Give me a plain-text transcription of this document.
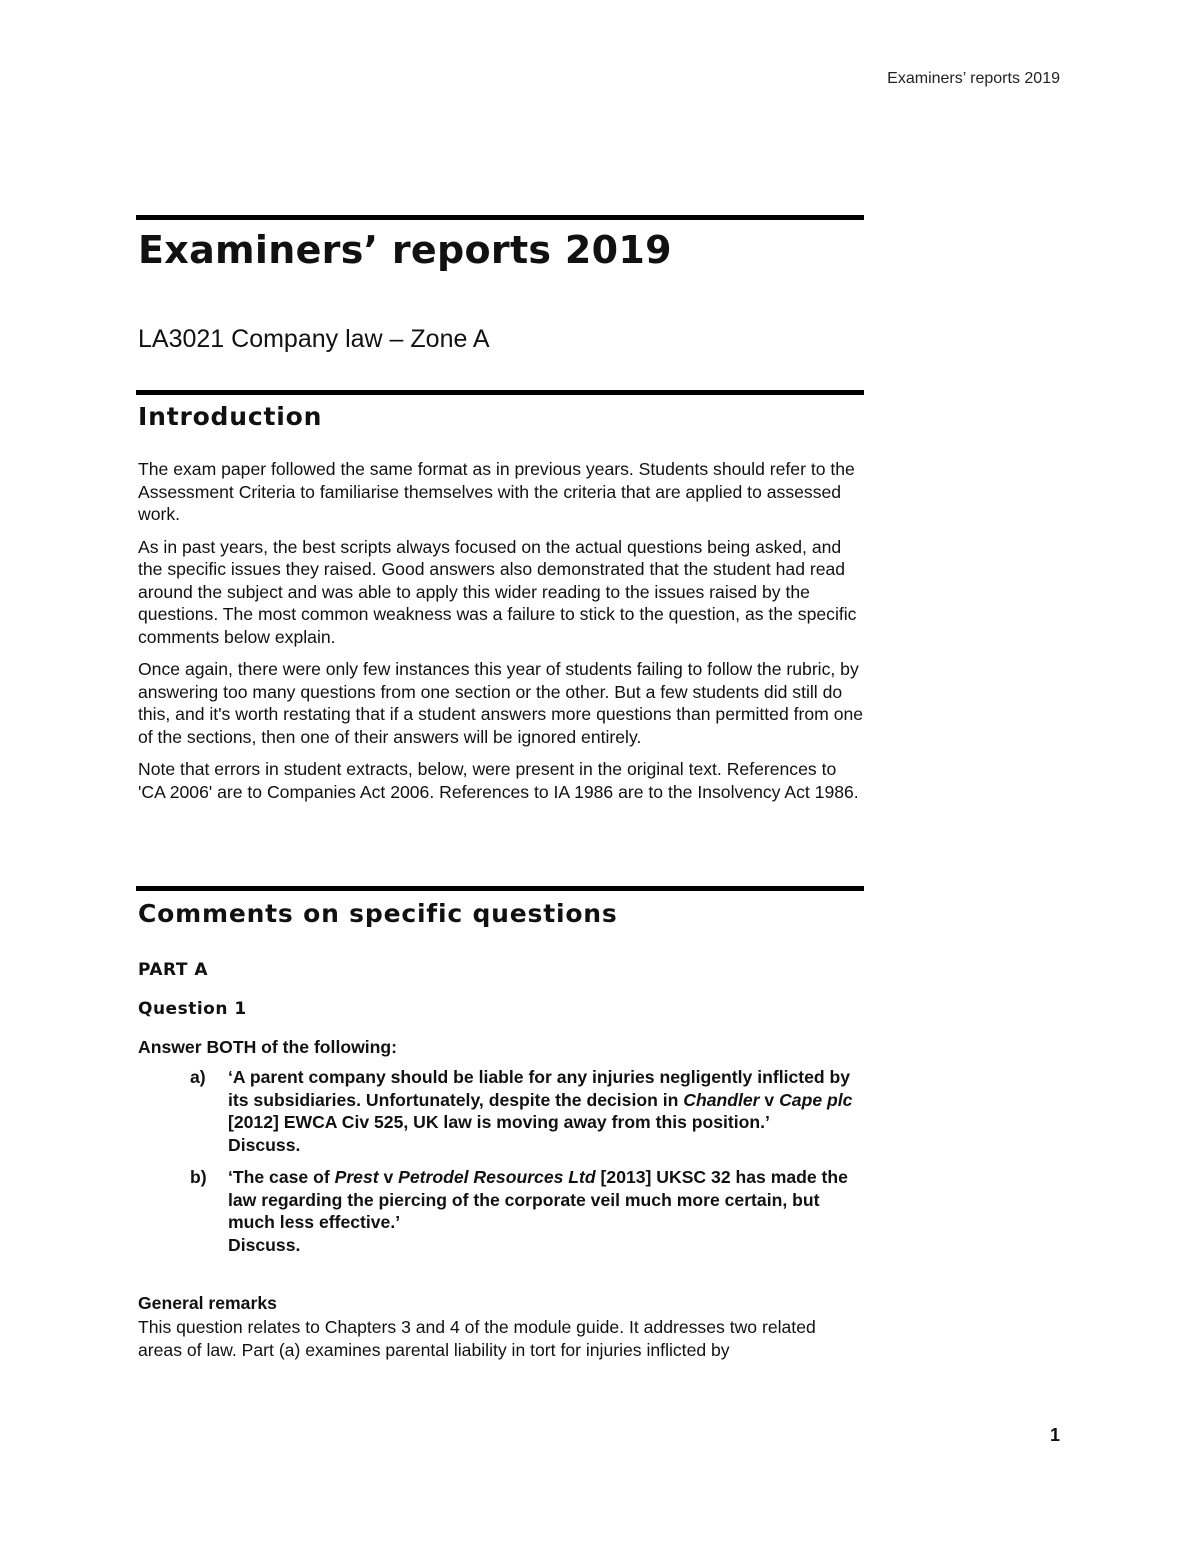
Examiners’ reports 2019
Examiners’ reports 2019
LA3021 Company law – Zone A
Introduction

The exam paper followed the same format as in previous years. Students should refer to the Assessment Criteria to familiarise themselves with the criteria that are applied to assessed work.

As in past years, the best scripts always focused on the actual questions being asked, and the specific issues they raised. Good answers also demonstrated that the student had read around the subject and was able to apply this wider reading to the issues raised by the questions. The most common weakness was a failure to stick to the question, as the specific comments below explain.

Once again, there were only few instances this year of students failing to follow the rubric, by answering too many questions from one section or the other. But a few students did still do this, and it's worth restating that if a student answers more questions than permitted from one of the sections, then one of their answers will be ignored entirely.

Note that errors in student extracts, below, were present in the original text. References to 'CA 2006' are to Companies Act 2006. References to IA 1986 are to the Insolvency Act 1986.

Comments on specific questions
PART A
Question 1

Answer BOTH of the following:

a) ‘A parent company should be liable for any injuries negligently inflicted by its subsidiaries. Unfortunately, despite the decision in Chandler v Cape plc [2012] EWCA Civ 525, UK law is moving away from this position.’
Discuss.
b) ‘The case of Prest v Petrodel Resources Ltd [2013] UKSC 32 has made the law regarding the piercing of the corporate veil much more certain, but much less effective.’
Discuss.

General remarks

This question relates to Chapters 3 and 4 of the module guide. It addresses two related areas of law. Part (a) examines parental liability in tort for injuries inflicted by

1
